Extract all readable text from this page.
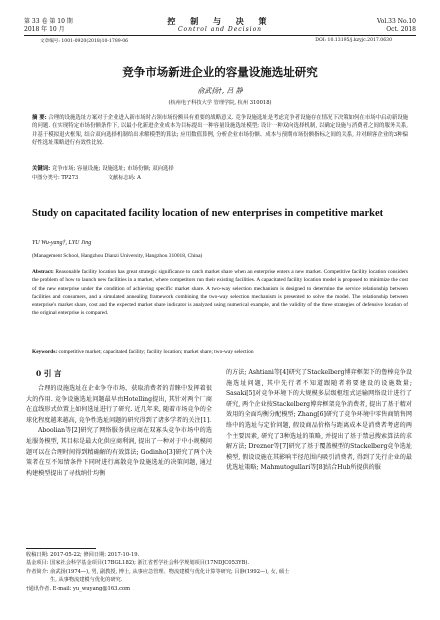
第 33 卷 第 10 期	控 制 与 决 策	Vol.33 No.10
2018 年 10 月	Control and Decision	Oct. 2018
文章编号: 1001-0920(2018)10-1789-06	DOI: 10.13195/j.kzyjc.2017.0630
竞争市场新进企业的容量设施选址研究
俞武扬†, 吕 静
(杭州电子科技大学 管理学院, 杭州 310018)
摘 要: 合理的设施选址方案对于企业进入新市场时占领市场份额具有重要的战略意义. 竞争设施选址是考虑竞争者设施存在情况下决策如何在市场中启动新设施的问题. 在实现特定市场份额条件下, 以最小化新进企业成本为目标提出一种容量设施选址模型; 设计一种双向选择机制, 以确定设施与消费者之间的服务关系, 并基于模拟退火框架, 结合双向选择机制给出求解模型的算法; 应用数值算例, 分析企业市场份额、成本与预期市场份额指标之间的关系, 并对顾客企业的3种偏好性选址策略进行有效性比较.
关键词: 竞争市场; 容量设施; 设施选址; 市场份额; 双向选择
中图分类号: TP273	文献标志码: A
Study on capacitated facility location of new enterprises in competitive market
YU Wu-yang†, LYU Jing
(Management School, Hangzhou Dianzi University, Hangzhou 310018, China)
Abstract: Reasonable facility location has great strategic significance to catch market share when an enterprise enters a new market. Competitive facility location considers the problem of how to launch new facilities in a market, where competitors run their existing facilities. A capacitated facility location model is proposed to minimize the cost of the new enterprise under the condition of achieving specific market share. A two-way selection mechanism is designed to determine the service relationship between facilities and consumers, and a simulated annealing framework combining the two-way selection mechanism is presented to solve the model. The relationship between enterprise's market share, cost and the expected market share indicator is analyzed using numerical example, and the validity of the three strategies of defensive location of the original enterprise is compared.
Keywords: competitive market; capacitated facility; facility location; market share; two-way selection
0 引 言

合理的设施选址在企业争夺市场、获取消费者的青睐中发挥着很大的作用. 竞争设施选址问题最早由Hotelling提出, 其针对两个厂商在直线形式位置上如何选址进行了研究. 近几年来, 随着市场竞争的全球化程度越来越高, 竞争性选址问题的研究得到了诸多学者的关注[1].

Aboolian等[2]研究了网络服务供应商在双寡头竞争市场中的选址服务模型, 其目标是最大化供应商利润, 提出了一种对于中小规模问题可以在合理时间得到精确解的有效算法; Godinho[3]研究了两个决策者在互不知情条件下同时进行离散竞争设施选址的决策问题, 通过构建模型提出了寻找纳什均衡

的方法; Ashtiani等[4]研究了Stackelberg博弈框架下的鲁棒竞争设施选址问题, 其中先行者不知道跟随者将要建设的设施数量; Sasaki[5]对竞争环境下的大规模多层级枢纽式运输网络设计进行了研究, 两个企业按Stackelberg博弈框架竞争消费者, 提出了基于精对效用的全面均衡分配模型; Zhang[6]研究了竞争环境中零售商销售网络中的选址与定价问题, 假设商品价格与距离成本是消费者考虑的两个主要因素, 研究了3种选址的策略, 并提出了基于禁忌搜索算法的求解方法; Drezner等[7]研究了基于覆盖模型的Stackelberg竞争选址模型, 假设设施在其影响半径范围内吸引消费者, 得到了先行企业的最优选址策略; Mahmutogullari等[8]结合Hub所提供的服

收稿日期: 2017-05-22; 修回日期: 2017-10-19.
基金项目: 国家社会科学基金项目(17BGL182); 浙江省哲学社会科学规划项目(17NDJC053YB).
作者简介: 俞武扬(1974—), 男, 副教授, 博士, 从事应急管理、物流建模与优化计算等研究; 吕静(1992—), 女, 硕士
生, 从事物流建模与优化的研究.
†通讯作者. E-mail: yu_wuyang@163.com
